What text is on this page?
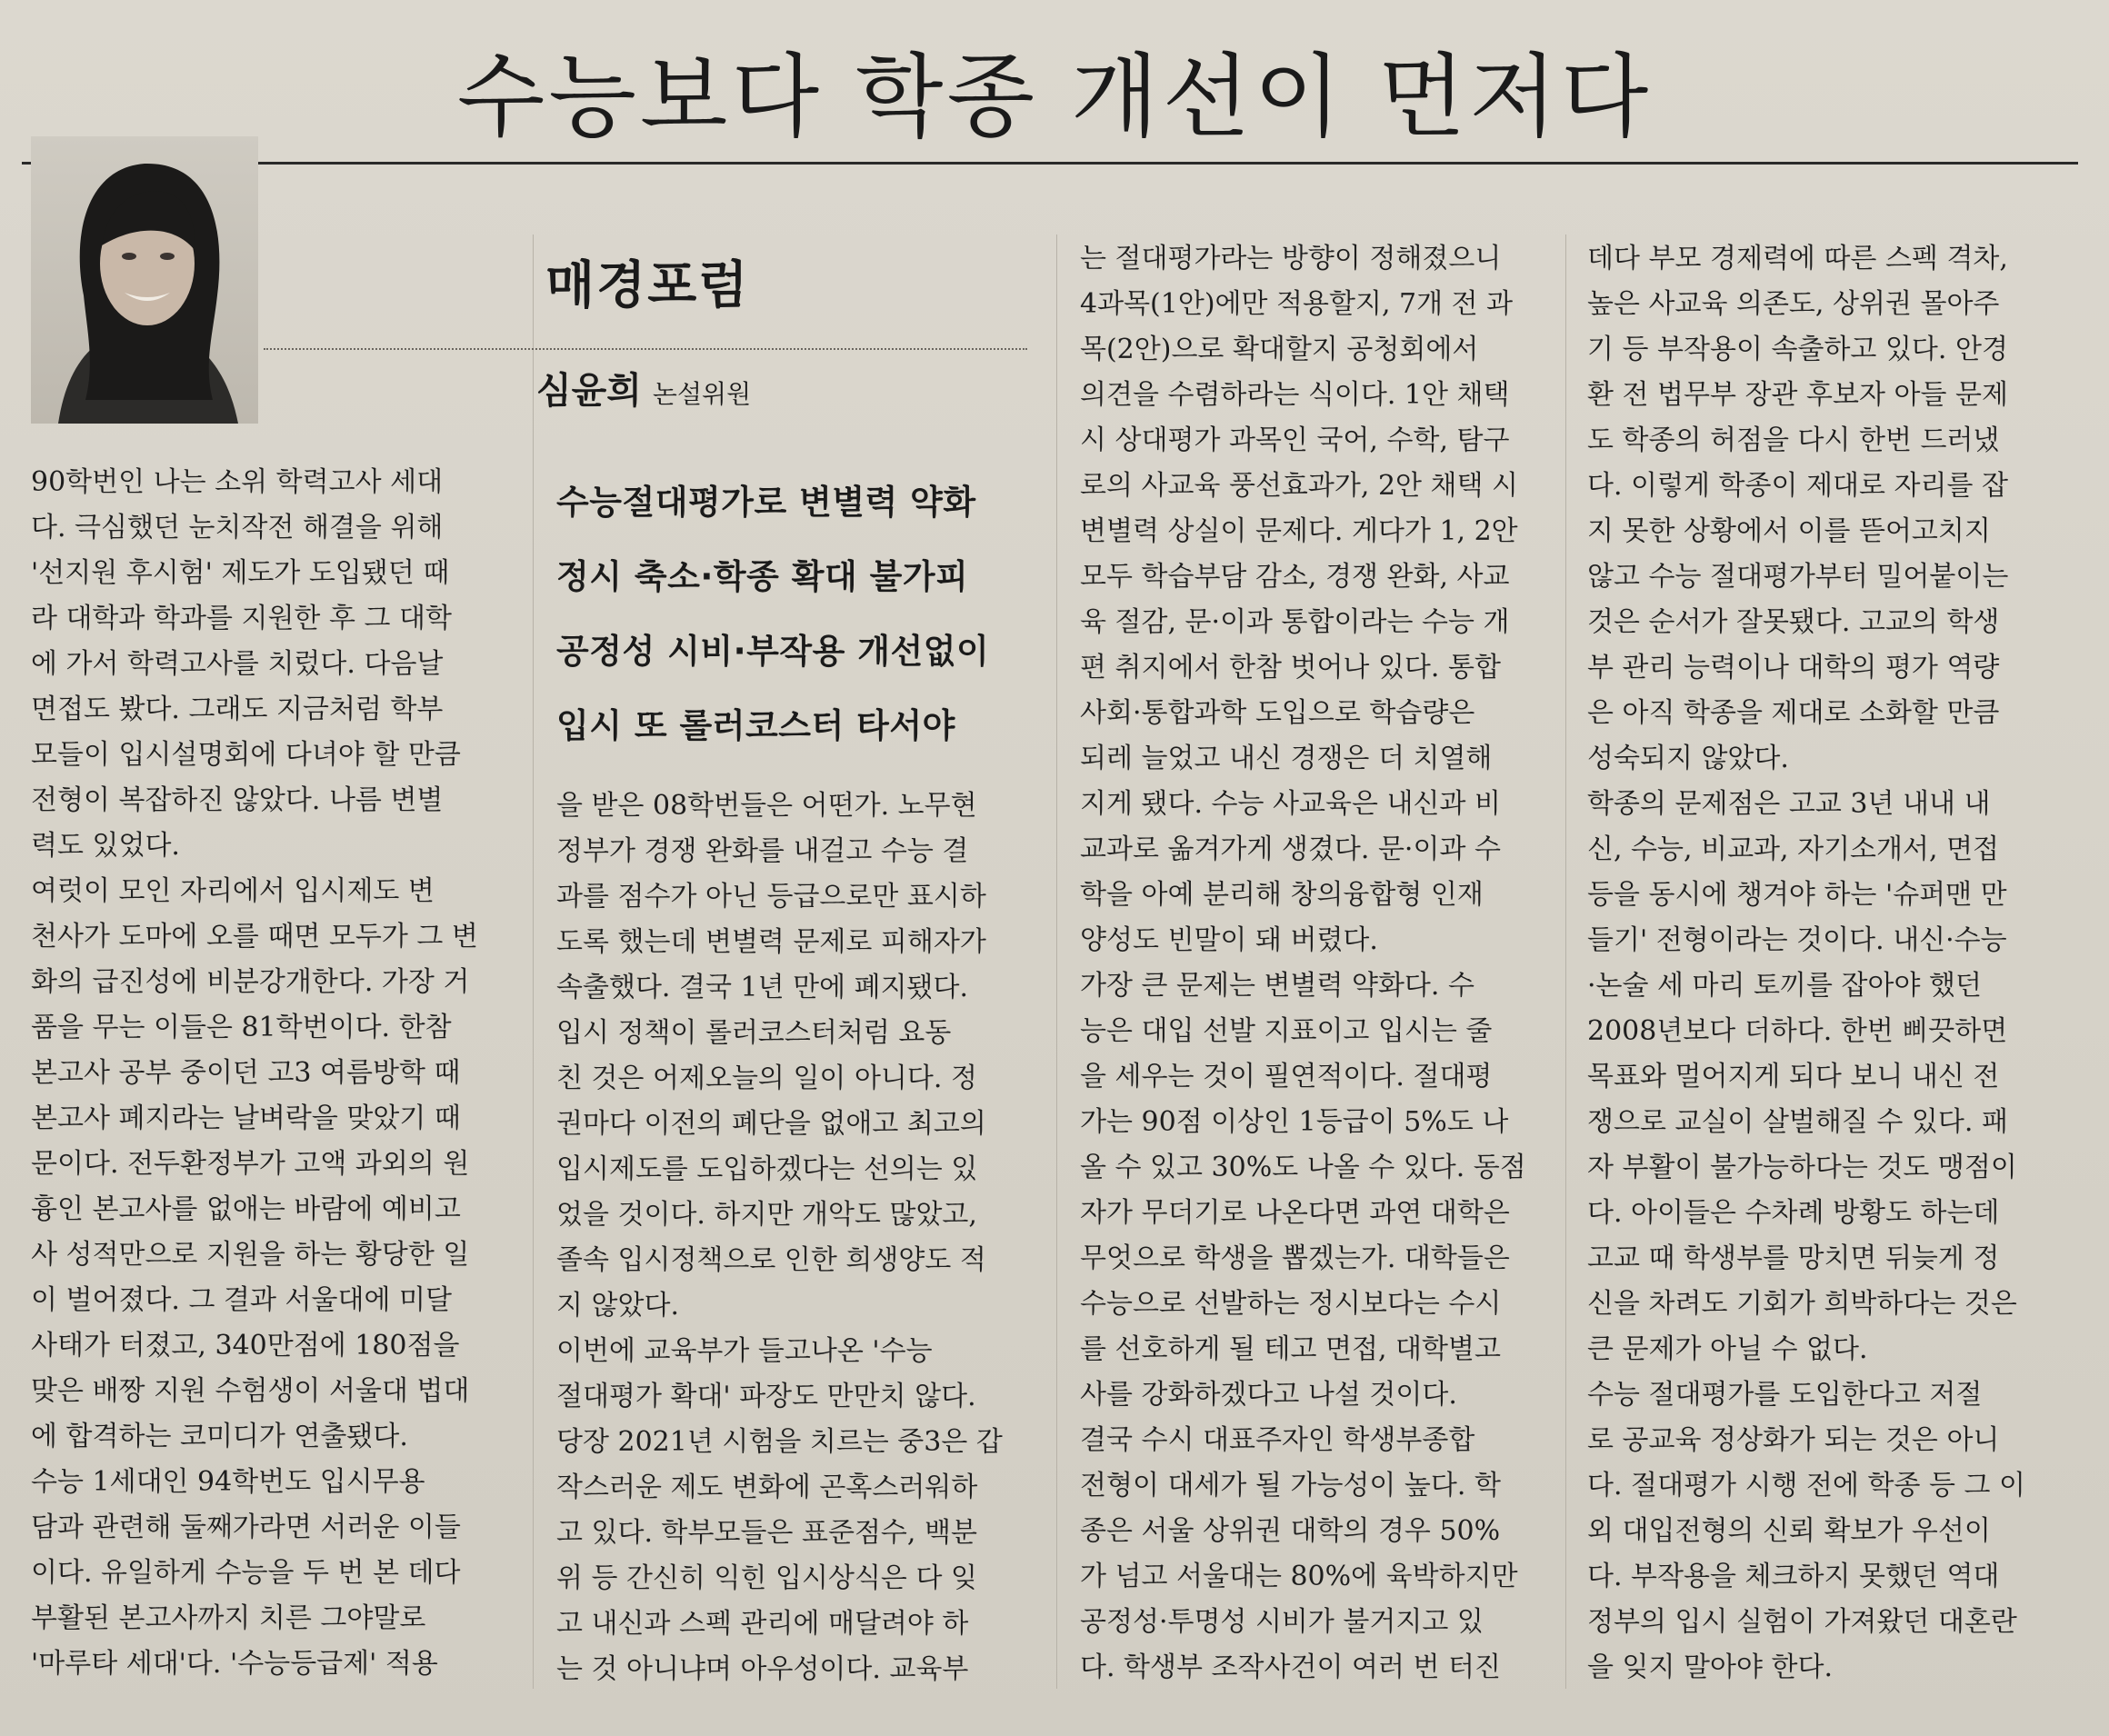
수능보다 학종 개선이 먼저다
매경포럼
심윤희 논설위원
수능절대평가로 변별력 약화
정시 축소·학종 확대 불가피
공정성 시비·부작용 개선없이
입시 또 롤러코스터 타서야
90학번인 나는 소위 학력고사 세대
다. 극심했던 눈치작전 해결을 위해
'선지원 후시험' 제도가 도입됐던 때
라 대학과 학과를 지원한 후 그 대학
에 가서 학력고사를 치렀다. 다음날
면접도 봤다. 그래도 지금처럼 학부
모들이 입시설명회에 다녀야 할 만큼
전형이 복잡하진 않았다. 나름 변별
력도 있었다.
여럿이 모인 자리에서 입시제도 변
천사가 도마에 오를 때면 모두가 그 변
화의 급진성에 비분강개한다. 가장 거
품을 무는 이들은 81학번이다. 한참
본고사 공부 중이던 고3 여름방학 때
본고사 폐지라는 날벼락을 맞았기 때
문이다. 전두환정부가 고액 과외의 원
흉인 본고사를 없애는 바람에 예비고
사 성적만으로 지원을 하는 황당한 일
이 벌어졌다. 그 결과 서울대에 미달
사태가 터졌고, 340만점에 180점을
맞은 배짱 지원 수험생이 서울대 법대
에 합격하는 코미디가 연출됐다.
수능 1세대인 94학번도 입시무용
담과 관련해 둘째가라면 서러운 이들
이다. 유일하게 수능을 두 번 본 데다
부활된 본고사까지 치른 그야말로
'마루타 세대'다. '수능등급제' 적용
을 받은 08학번들은 어떤가. 노무현
정부가 경쟁 완화를 내걸고 수능 결
과를 점수가 아닌 등급으로만 표시하
도록 했는데 변별력 문제로 피해자가
속출했다. 결국 1년 만에 폐지됐다.
입시 정책이 롤러코스터처럼 요동
친 것은 어제오늘의 일이 아니다. 정
권마다 이전의 폐단을 없애고 최고의
입시제도를 도입하겠다는 선의는 있
었을 것이다. 하지만 개악도 많았고,
졸속 입시정책으로 인한 희생양도 적
지 않았다.
이번에 교육부가 들고나온 '수능
절대평가 확대' 파장도 만만치 않다.
당장 2021년 시험을 치르는 중3은 갑
작스러운 제도 변화에 곤혹스러워하
고 있다. 학부모들은 표준점수, 백분
위 등 간신히 익힌 입시상식은 다 잊
고 내신과 스펙 관리에 매달려야 하
는 것 아니냐며 아우성이다. 교육부
는 절대평가라는 방향이 정해졌으니
4과목(1안)에만 적용할지, 7개 전 과
목(2안)으로 확대할지 공청회에서
의견을 수렴하라는 식이다. 1안 채택
시 상대평가 과목인 국어, 수학, 탐구
로의 사교육 풍선효과가, 2안 채택 시
변별력 상실이 문제다. 게다가 1, 2안
모두 학습부담 감소, 경쟁 완화, 사교
육 절감, 문·이과 통합이라는 수능 개
편 취지에서 한참 벗어나 있다. 통합
사회·통합과학 도입으로 학습량은
되레 늘었고 내신 경쟁은 더 치열해
지게 됐다. 수능 사교육은 내신과 비
교과로 옮겨가게 생겼다. 문·이과 수
학을 아예 분리해 창의융합형 인재
양성도 빈말이 돼 버렸다.
가장 큰 문제는 변별력 약화다. 수
능은 대입 선발 지표이고 입시는 줄
을 세우는 것이 필연적이다. 절대평
가는 90점 이상인 1등급이 5%도 나
올 수 있고 30%도 나올 수 있다. 동점
자가 무더기로 나온다면 과연 대학은
무엇으로 학생을 뽑겠는가. 대학들은
수능으로 선발하는 정시보다는 수시
를 선호하게 될 테고 면접, 대학별고
사를 강화하겠다고 나설 것이다.
결국 수시 대표주자인 학생부종합
전형이 대세가 될 가능성이 높다. 학
종은 서울 상위권 대학의 경우 50%
가 넘고 서울대는 80%에 육박하지만
공정성·투명성 시비가 불거지고 있
다. 학생부 조작사건이 여러 번 터진
데다 부모 경제력에 따른 스펙 격차,
높은 사교육 의존도, 상위권 몰아주
기 등 부작용이 속출하고 있다. 안경
환 전 법무부 장관 후보자 아들 문제
도 학종의 허점을 다시 한번 드러냈
다. 이렇게 학종이 제대로 자리를 잡
지 못한 상황에서 이를 뜯어고치지
않고 수능 절대평가부터 밀어붙이는
것은 순서가 잘못됐다. 고교의 학생
부 관리 능력이나 대학의 평가 역량
은 아직 학종을 제대로 소화할 만큼
성숙되지 않았다.
학종의 문제점은 고교 3년 내내 내
신, 수능, 비교과, 자기소개서, 면접
등을 동시에 챙겨야 하는 '슈퍼맨 만
들기' 전형이라는 것이다. 내신·수능
·논술 세 마리 토끼를 잡아야 했던
2008년보다 더하다. 한번 삐끗하면
목표와 멀어지게 되다 보니 내신 전
쟁으로 교실이 살벌해질 수 있다. 패
자 부활이 불가능하다는 것도 맹점이
다. 아이들은 수차례 방황도 하는데
고교 때 학생부를 망치면 뒤늦게 정
신을 차려도 기회가 희박하다는 것은
큰 문제가 아닐 수 없다.
수능 절대평가를 도입한다고 저절
로 공교육 정상화가 되는 것은 아니
다. 절대평가 시행 전에 학종 등 그 이
외 대입전형의 신뢰 확보가 우선이
다. 부작용을 체크하지 못했던 역대
정부의 입시 실험이 가져왔던 대혼란
을 잊지 말아야 한다.
